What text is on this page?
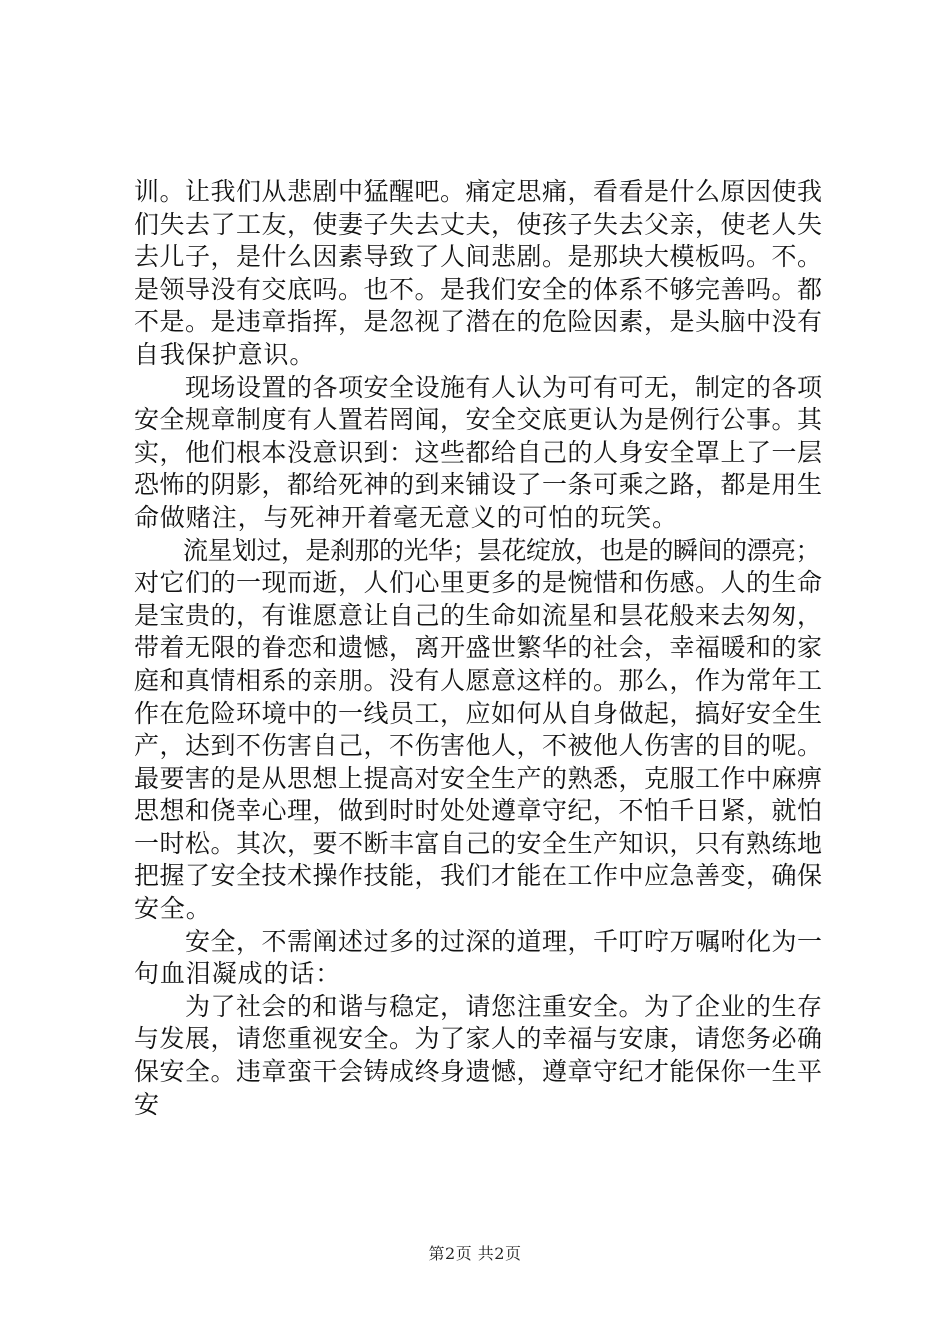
训。让我们从悲剧中猛醒吧。痛定思痛，看看是什么原因使我
们失去了工友，使妻子失去丈夫，使孩子失去父亲，使老人失
去儿子，是什么因素导致了人间悲剧。是那块大模板吗。不。
是领导没有交底吗。也不。是我们安全的体系不够完善吗。都
不是。是违章指挥，是忽视了潜在的危险因素，是头脑中没有
自我保护意识。
　　现场设置的各项安全设施有人认为可有可无，制定的各项
安全规章制度有人置若罔闻，安全交底更认为是例行公事。其
实，他们根本没意识到：这些都给自己的人身安全罩上了一层
恐怖的阴影，都给死神的到来铺设了一条可乘之路，都是用生
命做赌注，与死神开着毫无意义的可怕的玩笑。
　　流星划过，是刹那的光华；昙花绽放，也是的瞬间的漂亮；
对它们的一现而逝，人们心里更多的是惋惜和伤感。人的生命
是宝贵的，有谁愿意让自己的生命如流星和昙花般来去匆匆，
带着无限的眷恋和遗憾，离开盛世繁华的社会，幸福暖和的家
庭和真情相系的亲朋。没有人愿意这样的。那么，作为常年工
作在危险环境中的一线员工，应如何从自身做起，搞好安全生
产，达到不伤害自己，不伤害他人，不被他人伤害的目的呢。
最要害的是从思想上提高对安全生产的熟悉，克服工作中麻痹
思想和侥幸心理，做到时时处处遵章守纪，不怕千日紧，就怕
一时松。其次，要不断丰富自己的安全生产知识，只有熟练地
把握了安全技术操作技能，我们才能在工作中应急善变，确保
安全。
　　安全，不需阐述过多的过深的道理，千叮咛万嘱咐化为一
句血泪凝成的话：
　　为了社会的和谐与稳定，请您注重安全。为了企业的生存
与发展，请您重视安全。为了家人的幸福与安康，请您务必确
保安全。违章蛮干会铸成终身遗憾，遵章守纪才能保你一生平
安
第2页 共2页
